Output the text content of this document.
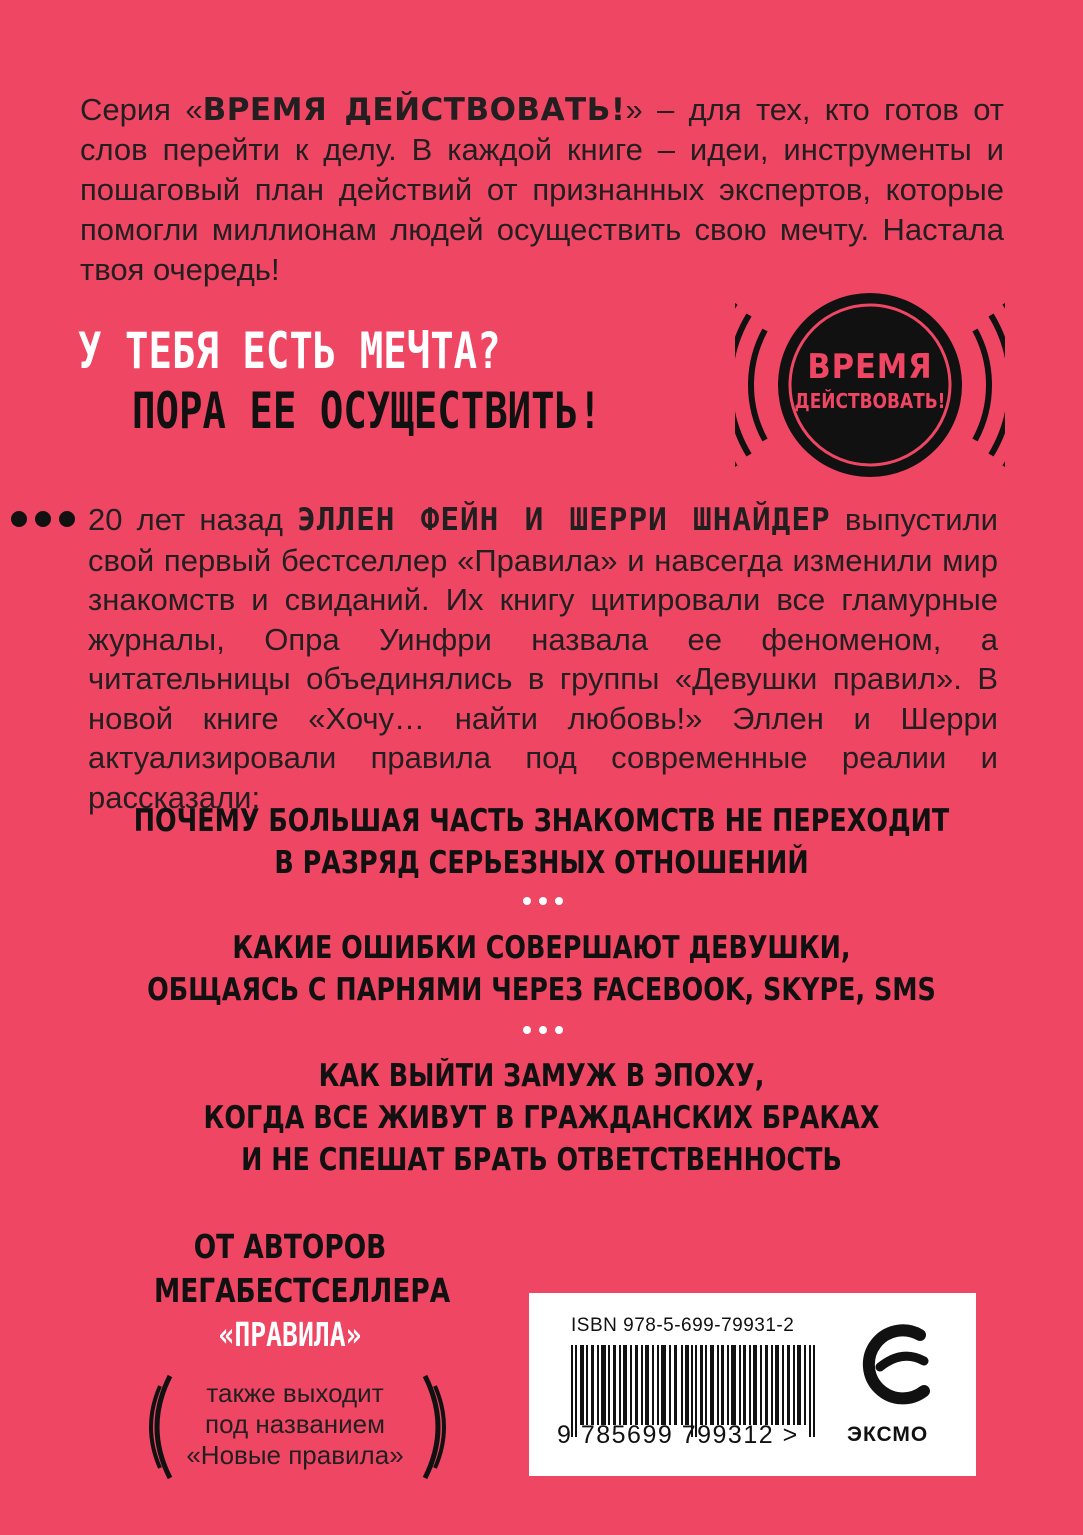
Серия «ВРЕМЯ ДЕЙСТВОВАТЬ!» – для тех, кто готов от слов перейти к делу. В каждой книге – идеи, инструменты и пошаговый план действий от признанных экспертов, которые помогли миллионам людей осуществить свою мечту. Настала твоя очередь!
У ТЕБЯ ЕСТЬ МЕЧТА?
ПОРА ЕЕ ОСУЩЕСТВИТЬ!
ВРЕМЯ
ДЕЙСТВОВАТЬ!
20 лет назад ЭЛЛЕН ФЕЙН И ШЕРРИ ШНАЙДЕР выпустили свой первый бестселлер «Правила» и навсегда изменили мир знакомств и свиданий. Их книгу цитировали все гламурные журналы, Опра Уинфри назвала ее феноменом, а читательницы объединялись в группы «Девушки правил». В новой книге «Хочу… найти любовь!» Эллен и Шерри актуализировали правила под современные реалии и рассказали:
ПОЧЕМУ БОЛЬШАЯ ЧАСТЬ ЗНАКОМСТВ НЕ ПЕРЕХОДИТ
В РАЗРЯД СЕРЬЕЗНЫХ ОТНОШЕНИЙ
КАКИЕ ОШИБКИ СОВЕРШАЮТ ДЕВУШКИ,
ОБЩАЯСЬ С ПАРНЯМИ ЧЕРЕЗ FACEBOOK, SKYPE, SMS
КАК ВЫЙТИ ЗАМУЖ В ЭПОХУ,
КОГДА ВСЕ ЖИВУТ В ГРАЖДАНСКИХ БРАКАХ
И НЕ СПЕШАТ БРАТЬ ОТВЕТСТВЕННОСТЬ
ОТ АВТОРОВ
МЕГАБЕСТСЕЛЛЕРА
«ПРАВИЛА»
также выходит
под названием
«Новые правила»
ISBN 978-5-699-79931-2
9 785699 799312 > ЭКСМО
